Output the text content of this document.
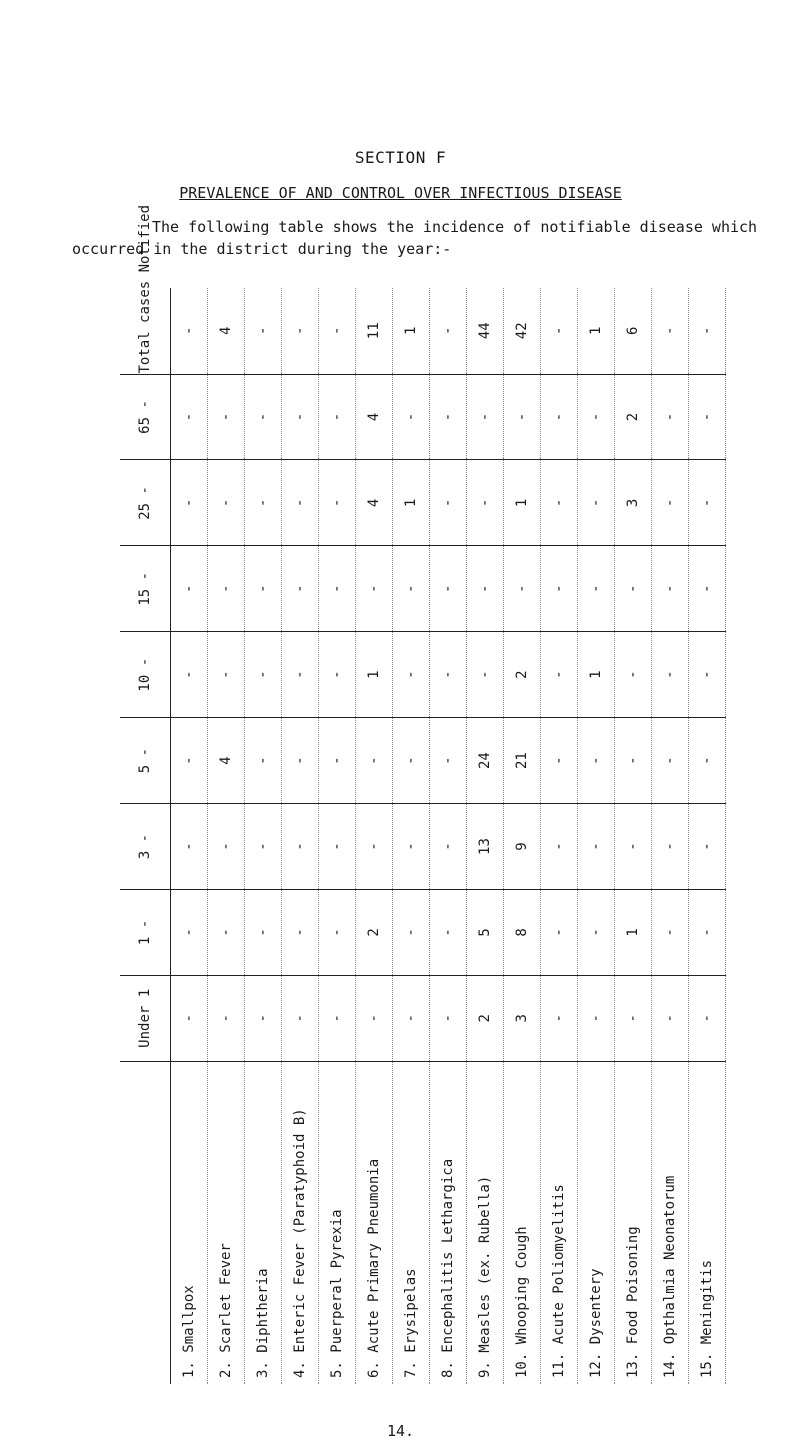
SECTION F
PREVALENCE OF AND CONTROL OVER INFECTIOUS DISEASE
The following table shows the incidence of notifiable disease which
occurred in the district during the year:-
	Under 1	1 -	3 -	5 -	10 -	15 -	25 -	65 -	Total cases Notified
1. Smallpox	-	-	-	-	-	-	-	-	-
2. Scarlet Fever	-	-	-	4	-	-	-	-	4
3. Diphtheria	-	-	-	-	-	-	-	-	-
4. Enteric Fever (Paratyphoid B)	-	-	-	-	-	-	-	-	-
5. Puerperal Pyrexia	-	-	-	-	-	-	-	-	-
6. Acute Primary Pneumonia	-	2	-	-	1	-	4	4	11
7. Erysipelas	-	-	-	-	-	-	1	-	1
8. Encephalitis Lethargica	-	-	-	-	-	-	-	-	-
9. Measles (ex. Rubella)	2	5	13	24	-	-	-	-	44
10. Whooping Cough	3	8	9	21	2	-	1	-	42
11. Acute Poliomyelitis	-	-	-	-	-	-	-	-	-
12. Dysentery	-	-	-	-	1	-	-	-	1
13. Food Poisoning	-	1	-	-	-	-	3	2	6
14. Opthalmia Neonatorum	-	-	-	-	-	-	-	-	-
15. Meningitis	-	-	-	-	-	-	-	-	-
14.
